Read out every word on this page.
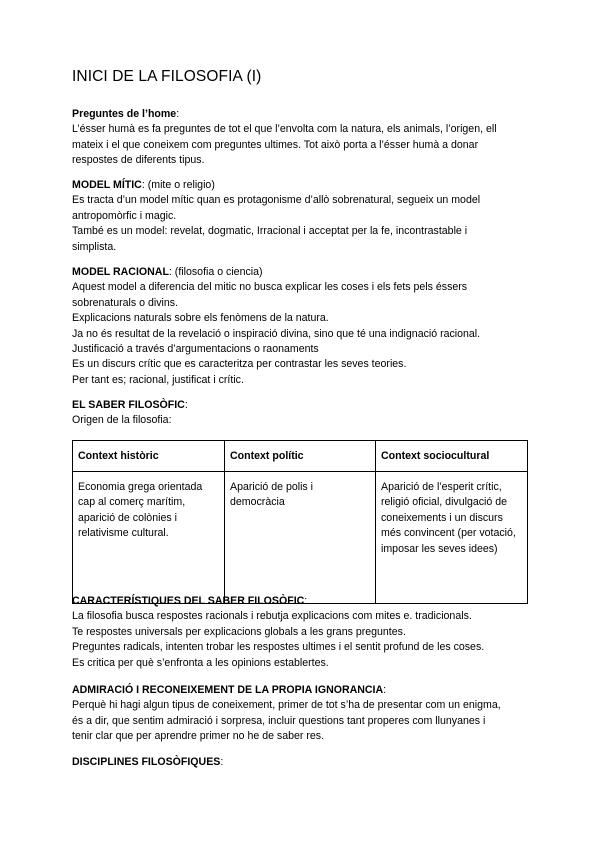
INICI DE LA FILOSOFIA (I)

Preguntes de l’home:

L’ésser humà es fa preguntes de tot el que l’envolta com la natura, els animals, l’origen, ell

mateix i el que coneixem com preguntes ultimes. Tot això porta a l’ésser humà a donar

respostes de diferents tipus.

MODEL MÍTIC: (mite o religio)

Es tracta d’un model mític quan es protagonisme d’allò sobrenatural, segueix un model

antropomòrfic i magic.

També es un model: revelat, dogmatic, Irracional i acceptat per la fe, incontrastable i

simplista.

MODEL RACIONAL: (filosofia o ciencia)

Aquest model a diferencia del mitic no busca explicar les coses i els fets pels éssers

sobrenaturals o divins.

Explicacions naturals sobre els fenòmens de la natura.

Ja no és resultat de la revelació o inspiració divina, sino que té una indignació racional.

Justificació a través d’argumentacions o raonaments

Es un discurs crític que es caracteritza per contrastar les seves teories.

Per tant es; racional, justificat i crític.

EL SABER FILOSÒFIC:

Origen de la filosofia:

Context històric	Context polític	Context sociocultural
Economia grega orientada cap al comerç marítim, aparició de colònies i relativisme cultural.	Aparició de polis i democràcia	Aparició de l’esperit crític, religió oficial, divulgació de coneixements i un discurs més convincent (per votació, imposar les seves idees)

CARACTERÍSTIQUES DEL SABER FILOSÒFIC:

La filosofia busca respostes racionals i rebutja explicacions com mites e. tradicionals.

Te respostes universals per explicacions globals a les grans preguntes.

Preguntes radicals, intenten trobar les respostes ultimes i el sentit profund de les coses.

Es critica per què s’enfronta a les opinions establertes.

ADMIRACIÓ I RECONEIXEMENT DE LA PROPIA IGNORANCIA:

Perquè hi hagi algun tipus de coneixement, primer de tot s’ha de presentar com un enigma,

és a dir, que sentim admiració i sorpresa, incluir questions tant properes com llunyanes i

tenir clar que per aprendre primer no he de saber res.

DISCIPLINES FILOSÒFIQUES:
